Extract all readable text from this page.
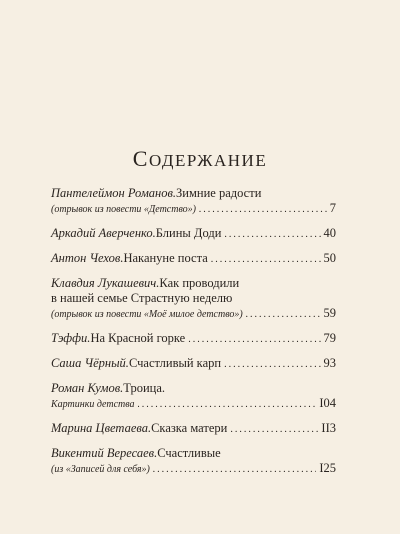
СОДЕРЖАНИЕ
Пантелеймон Романов. Зимние радости
(отрывок из повести «Детство») .....	7
Аркадий Аверченко. Блины Доди .....	40
Антон Чехов. Накануне поста .....	50
Клавдия Лукашевич. Как проводили
в нашей семье Страстную неделю
(отрывок из повести «Моё милое детство») .....	59
Тэффи. На Красной горке .....	79
Саша Чёрный. Счастливый карп .....	93
Роман Кумов. Троица.
Картинки детства .....	I04
Марина Цветаева. Сказка матери .....	II3
Викентий Вересаев. Счастливые
(из «Записей для себя») .....	I25
